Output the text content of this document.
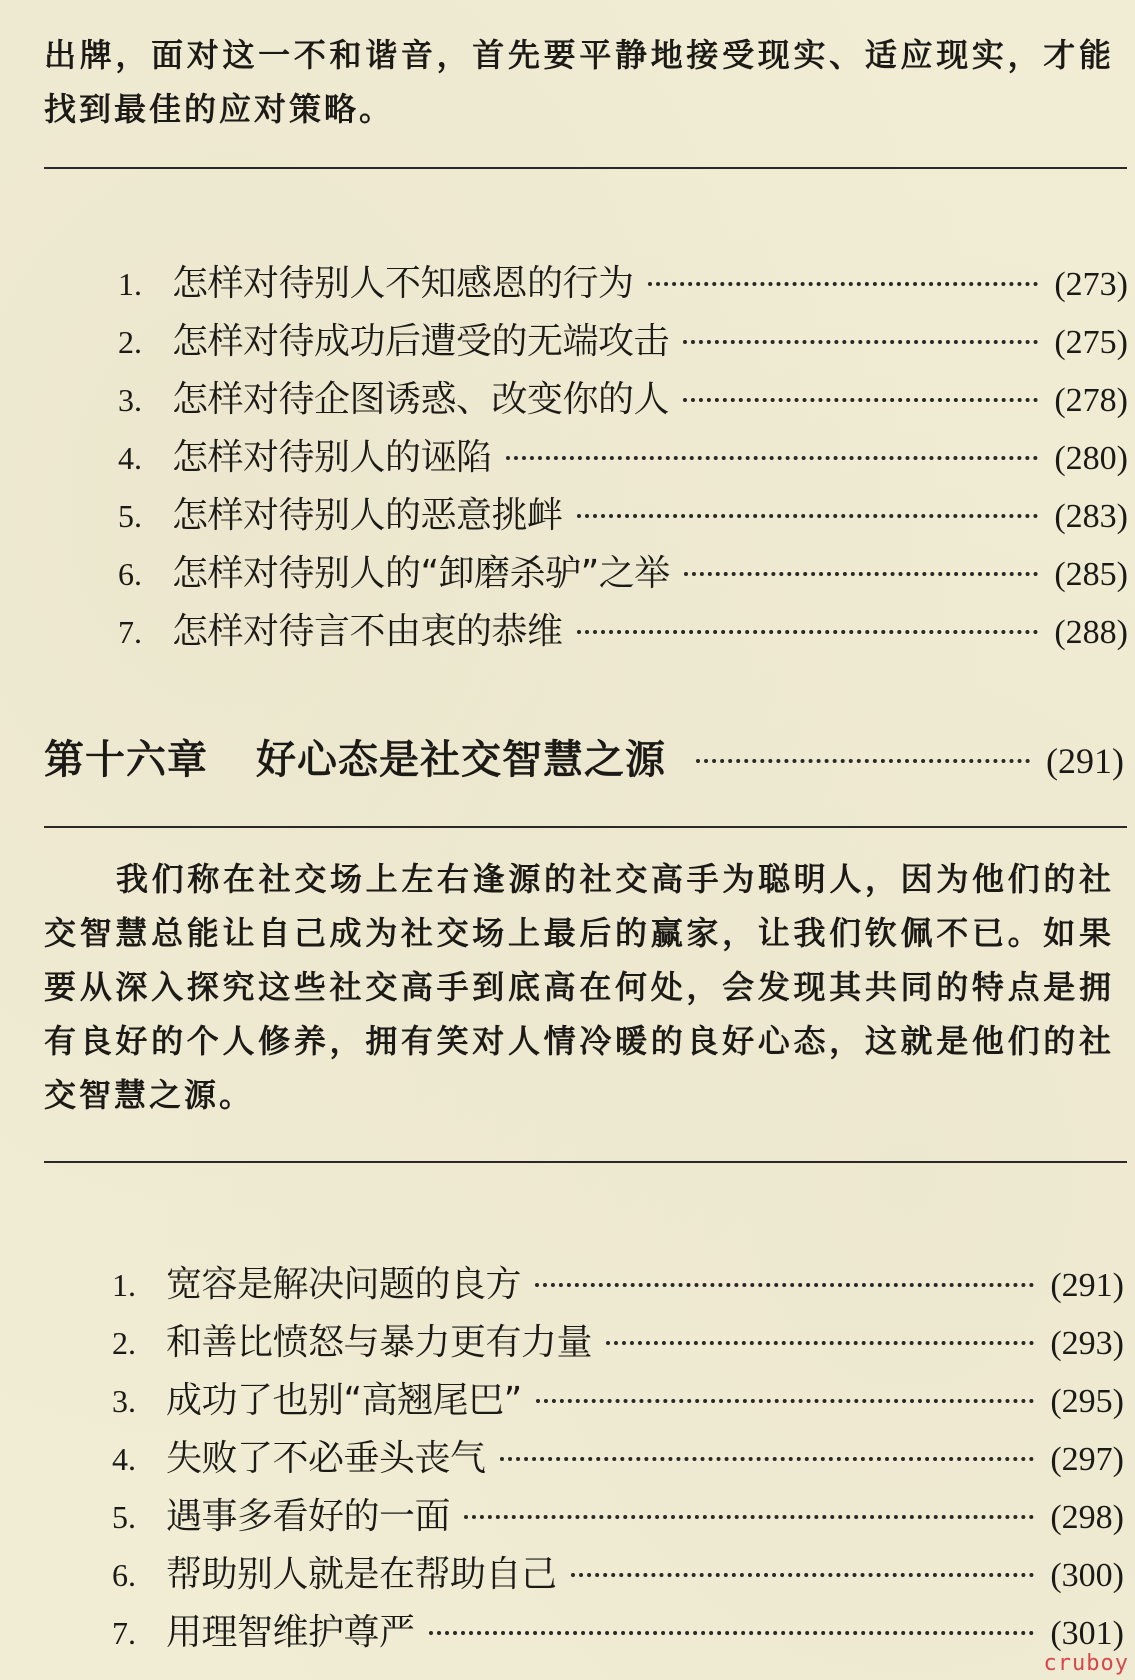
出牌，面对这一不和谐音，首先要平静地接受现实、适应现实，才能找到最佳的应对策略。

1. 怎样对待别人不知感恩的行为	(273)
2. 怎样对待成功后遭受的无端攻击	(275)
3. 怎样对待企图诱惑、改变你的人	(278)
4. 怎样对待别人的诬陷	(280)
5. 怎样对待别人的恶意挑衅	(283)
6. 怎样对待别人的“卸磨杀驴”之举	(285)
7. 怎样对待言不由衷的恭维	(288)
第十六章 好心态是社交智慧之源	(291)

我们称在社交场上左右逢源的社交高手为聪明人，因为他们的社交智慧总能让自己成为社交场上最后的赢家，让我们钦佩不已。如果要从深入探究这些社交高手到底高在何处，会发现其共同的特点是拥有良好的个人修养，拥有笑对人情冷暖的良好心态，这就是他们的社交智慧之源。

1. 宽容是解决问题的良方	(291)
2. 和善比愤怒与暴力更有力量	(293)
3. 成功了也别“高翘尾巴”	(295)
4. 失败了不必垂头丧气	(297)
5. 遇事多看好的一面	(298)
6. 帮助别人就是在帮助自己	(300)
7. 用理智维护尊严	(301)
cruboy
